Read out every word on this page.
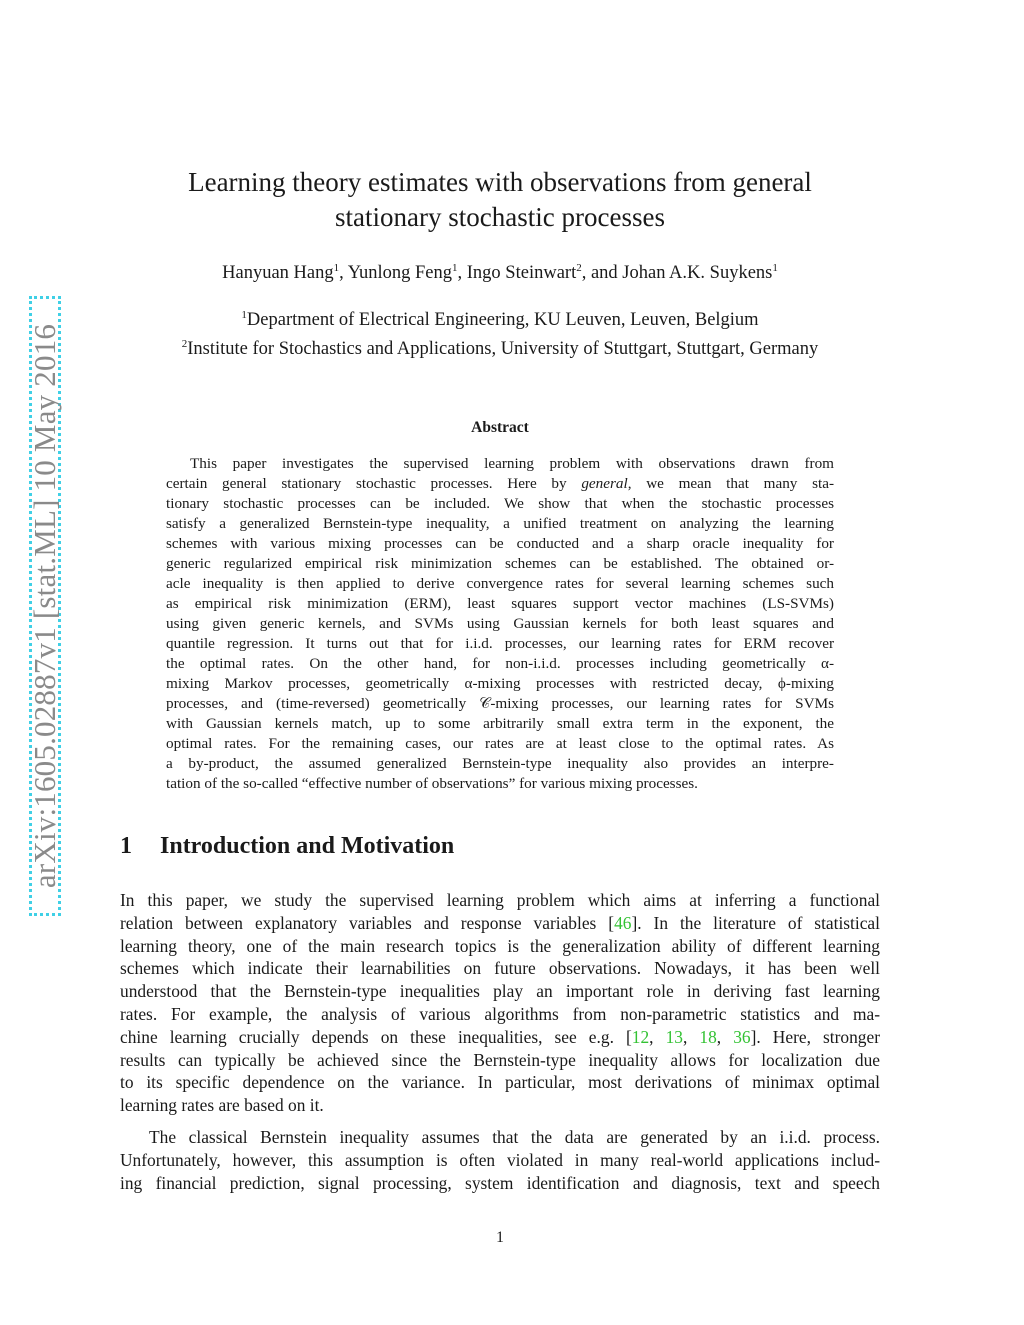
arXiv:1605.02887v1 [stat.ML] 10 May 2016
Learning theory estimates with observations from general
stationary stochastic processes
Hanyuan Hang$^1$, Yunlong Feng$^1$, Ingo Steinwart$^2$, and Johan A.K. Suykens$^1$
$^1$Department of Electrical Engineering, KU Leuven, Leuven, Belgium
$^2$Institute for Stochastics and Applications, University of Stuttgart, Stuttgart, Germany
Abstract
This paper investigates the supervised learning problem with observations drawn from
certain general stationary stochastic processes. Here by general, we mean that many sta-
tionary stochastic processes can be included. We show that when the stochastic processes
satisfy a generalized Bernstein-type inequality, a unified treatment on analyzing the learning
schemes with various mixing processes can be conducted and a sharp oracle inequality for
generic regularized empirical risk minimization schemes can be established. The obtained or-
acle inequality is then applied to derive convergence rates for several learning schemes such
as empirical risk minimization (ERM), least squares support vector machines (LS-SVMs)
using given generic kernels, and SVMs using Gaussian kernels for both least squares and
quantile regression. It turns out that for i.i.d. processes, our learning rates for ERM recover
the optimal rates. On the other hand, for non-i.i.d. processes including geometrically α-
mixing Markov processes, geometrically α-mixing processes with restricted decay, ϕ-mixing
processes, and (time-reversed) geometrically 𝒞-mixing processes, our learning rates for SVMs
with Gaussian kernels match, up to some arbitrarily small extra term in the exponent, the
optimal rates. For the remaining cases, our rates are at least close to the optimal rates. As
a by-product, the assumed generalized Bernstein-type inequality also provides an interpre-
tation of the so-called “effective number of observations” for various mixing processes.
1 Introduction and Motivation
In this paper, we study the supervised learning problem which aims at inferring a functional
relation between explanatory variables and response variables [46]. In the literature of statistical
learning theory, one of the main research topics is the generalization ability of different learning
schemes which indicate their learnabilities on future observations. Nowadays, it has been well
understood that the Bernstein-type inequalities play an important role in deriving fast learning
rates. For example, the analysis of various algorithms from non-parametric statistics and ma-
chine learning crucially depends on these inequalities, see e.g. [12, 13, 18, 36]. Here, stronger
results can typically be achieved since the Bernstein-type inequality allows for localization due
to its specific dependence on the variance. In particular, most derivations of minimax optimal
learning rates are based on it.
The classical Bernstein inequality assumes that the data are generated by an i.i.d. process.
Unfortunately, however, this assumption is often violated in many real-world applications includ-
ing financial prediction, signal processing, system identification and diagnosis, text and speech
1
